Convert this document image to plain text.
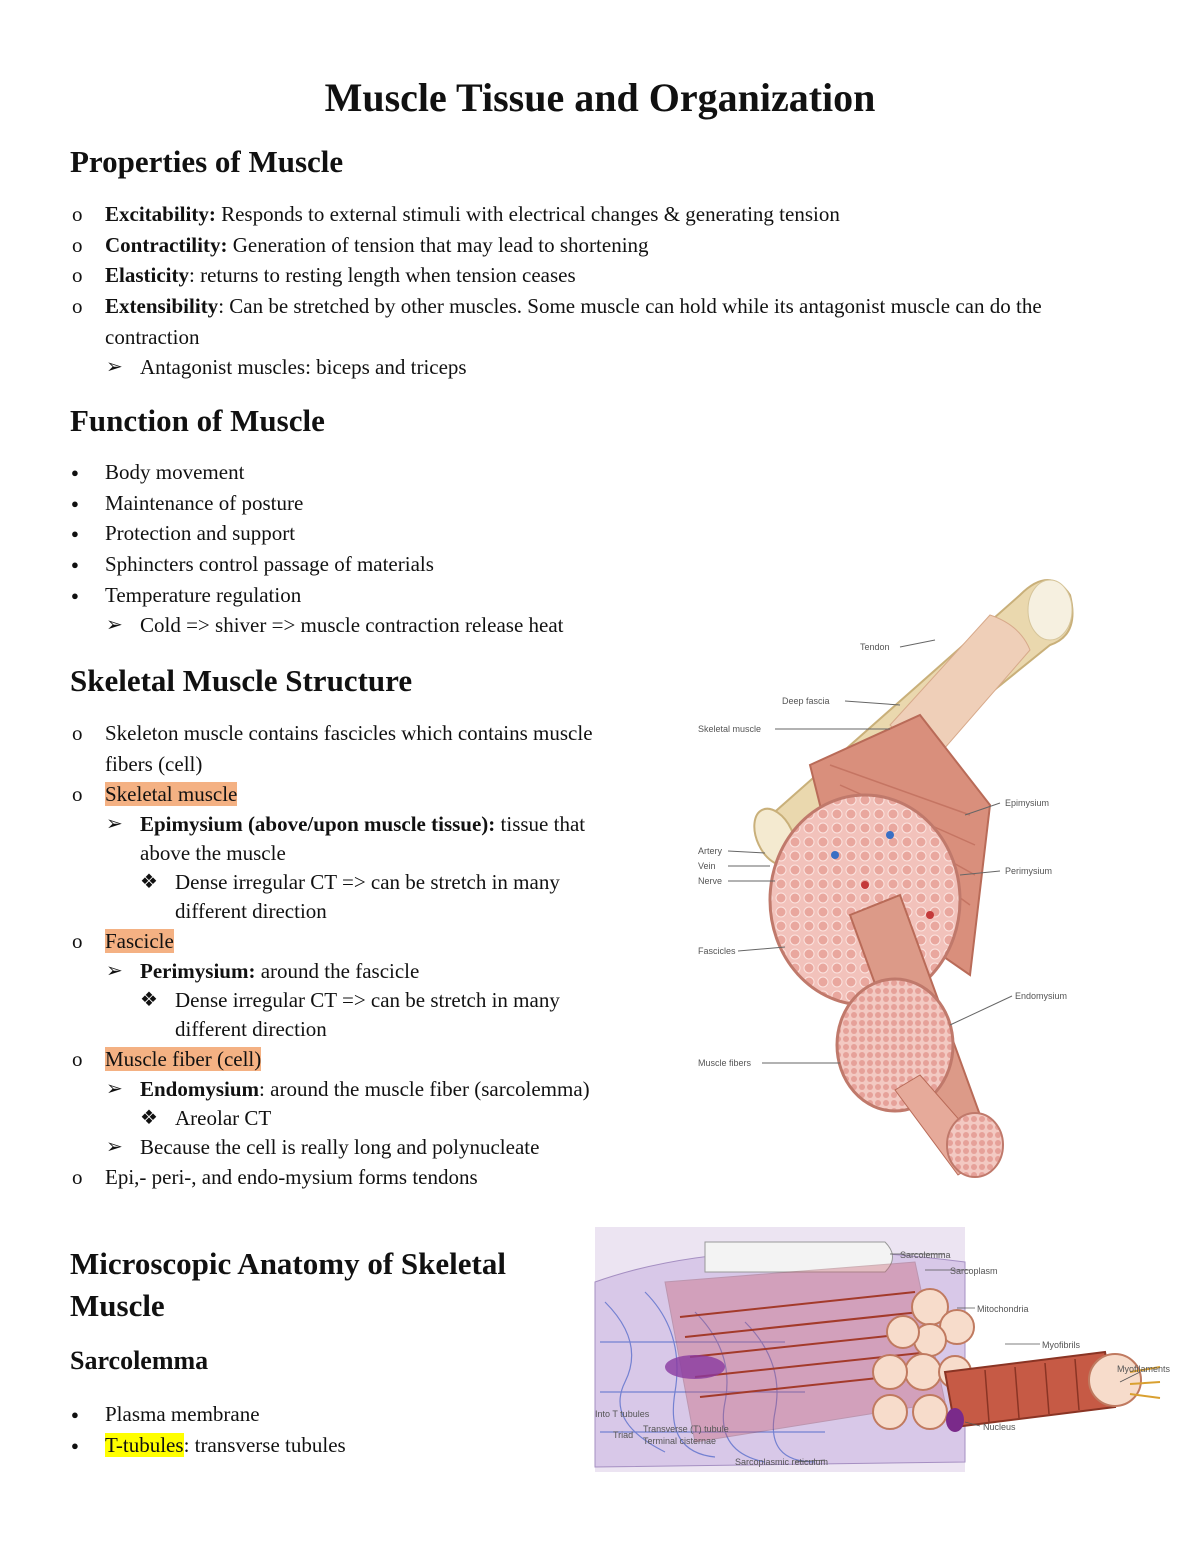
Muscle Tissue and Organization
Properties of Muscle
o Excitability: Responds to external stimuli with electrical changes & generating tension
o Contractility: Generation of tension that may lead to shortening
o Elasticity: returns to resting length when tension ceases
o Extensibility: Can be stretched by other muscles. Some muscle can hold while its antagonist muscle can do the contraction
➢ Antagonist muscles: biceps and triceps
Function of Muscle
● Body movement
● Maintenance of posture
● Protection and support
● Sphincters control passage of materials
● Temperature regulation
➢ Cold => shiver => muscle contraction release heat
Skeletal Muscle Structure
o Skeleton muscle contains fascicles which contains muscle fibers (cell)
o Skeletal muscle
➢ Epimysium (above/upon muscle tissue): tissue that above the muscle
❖ Dense irregular CT => can be stretch in many different direction
o Fascicle
➢ Perimysium: around the fascicle
❖ Dense irregular CT => can be stretch in many different direction
o Muscle fiber (cell)
➢ Endomysium: around the muscle fiber (sarcolemma)
❖ Areolar CT
➢ Because the cell is really long and polynucleate
o Epi,- peri-, and endo-mysium forms tendons
Microscopic Anatomy of Skeletal Muscle
Sarcolemma
● Plasma membrane
● T-tubules: transverse tubules
Tendon
Deep fascia
Skeletal muscle
Epimysium
Artery
Vein
Nerve
Perimysium
Fascicles
Endomysium
Muscle fibers
Sarcolemma
Sarcoplasm
Mitochondria
Myofibrils
Myofilaments
Nucleus
Sarcoplasmic reticulum
Transverse (T) tubule
Terminal cisternae
Triad
Into T tubules
